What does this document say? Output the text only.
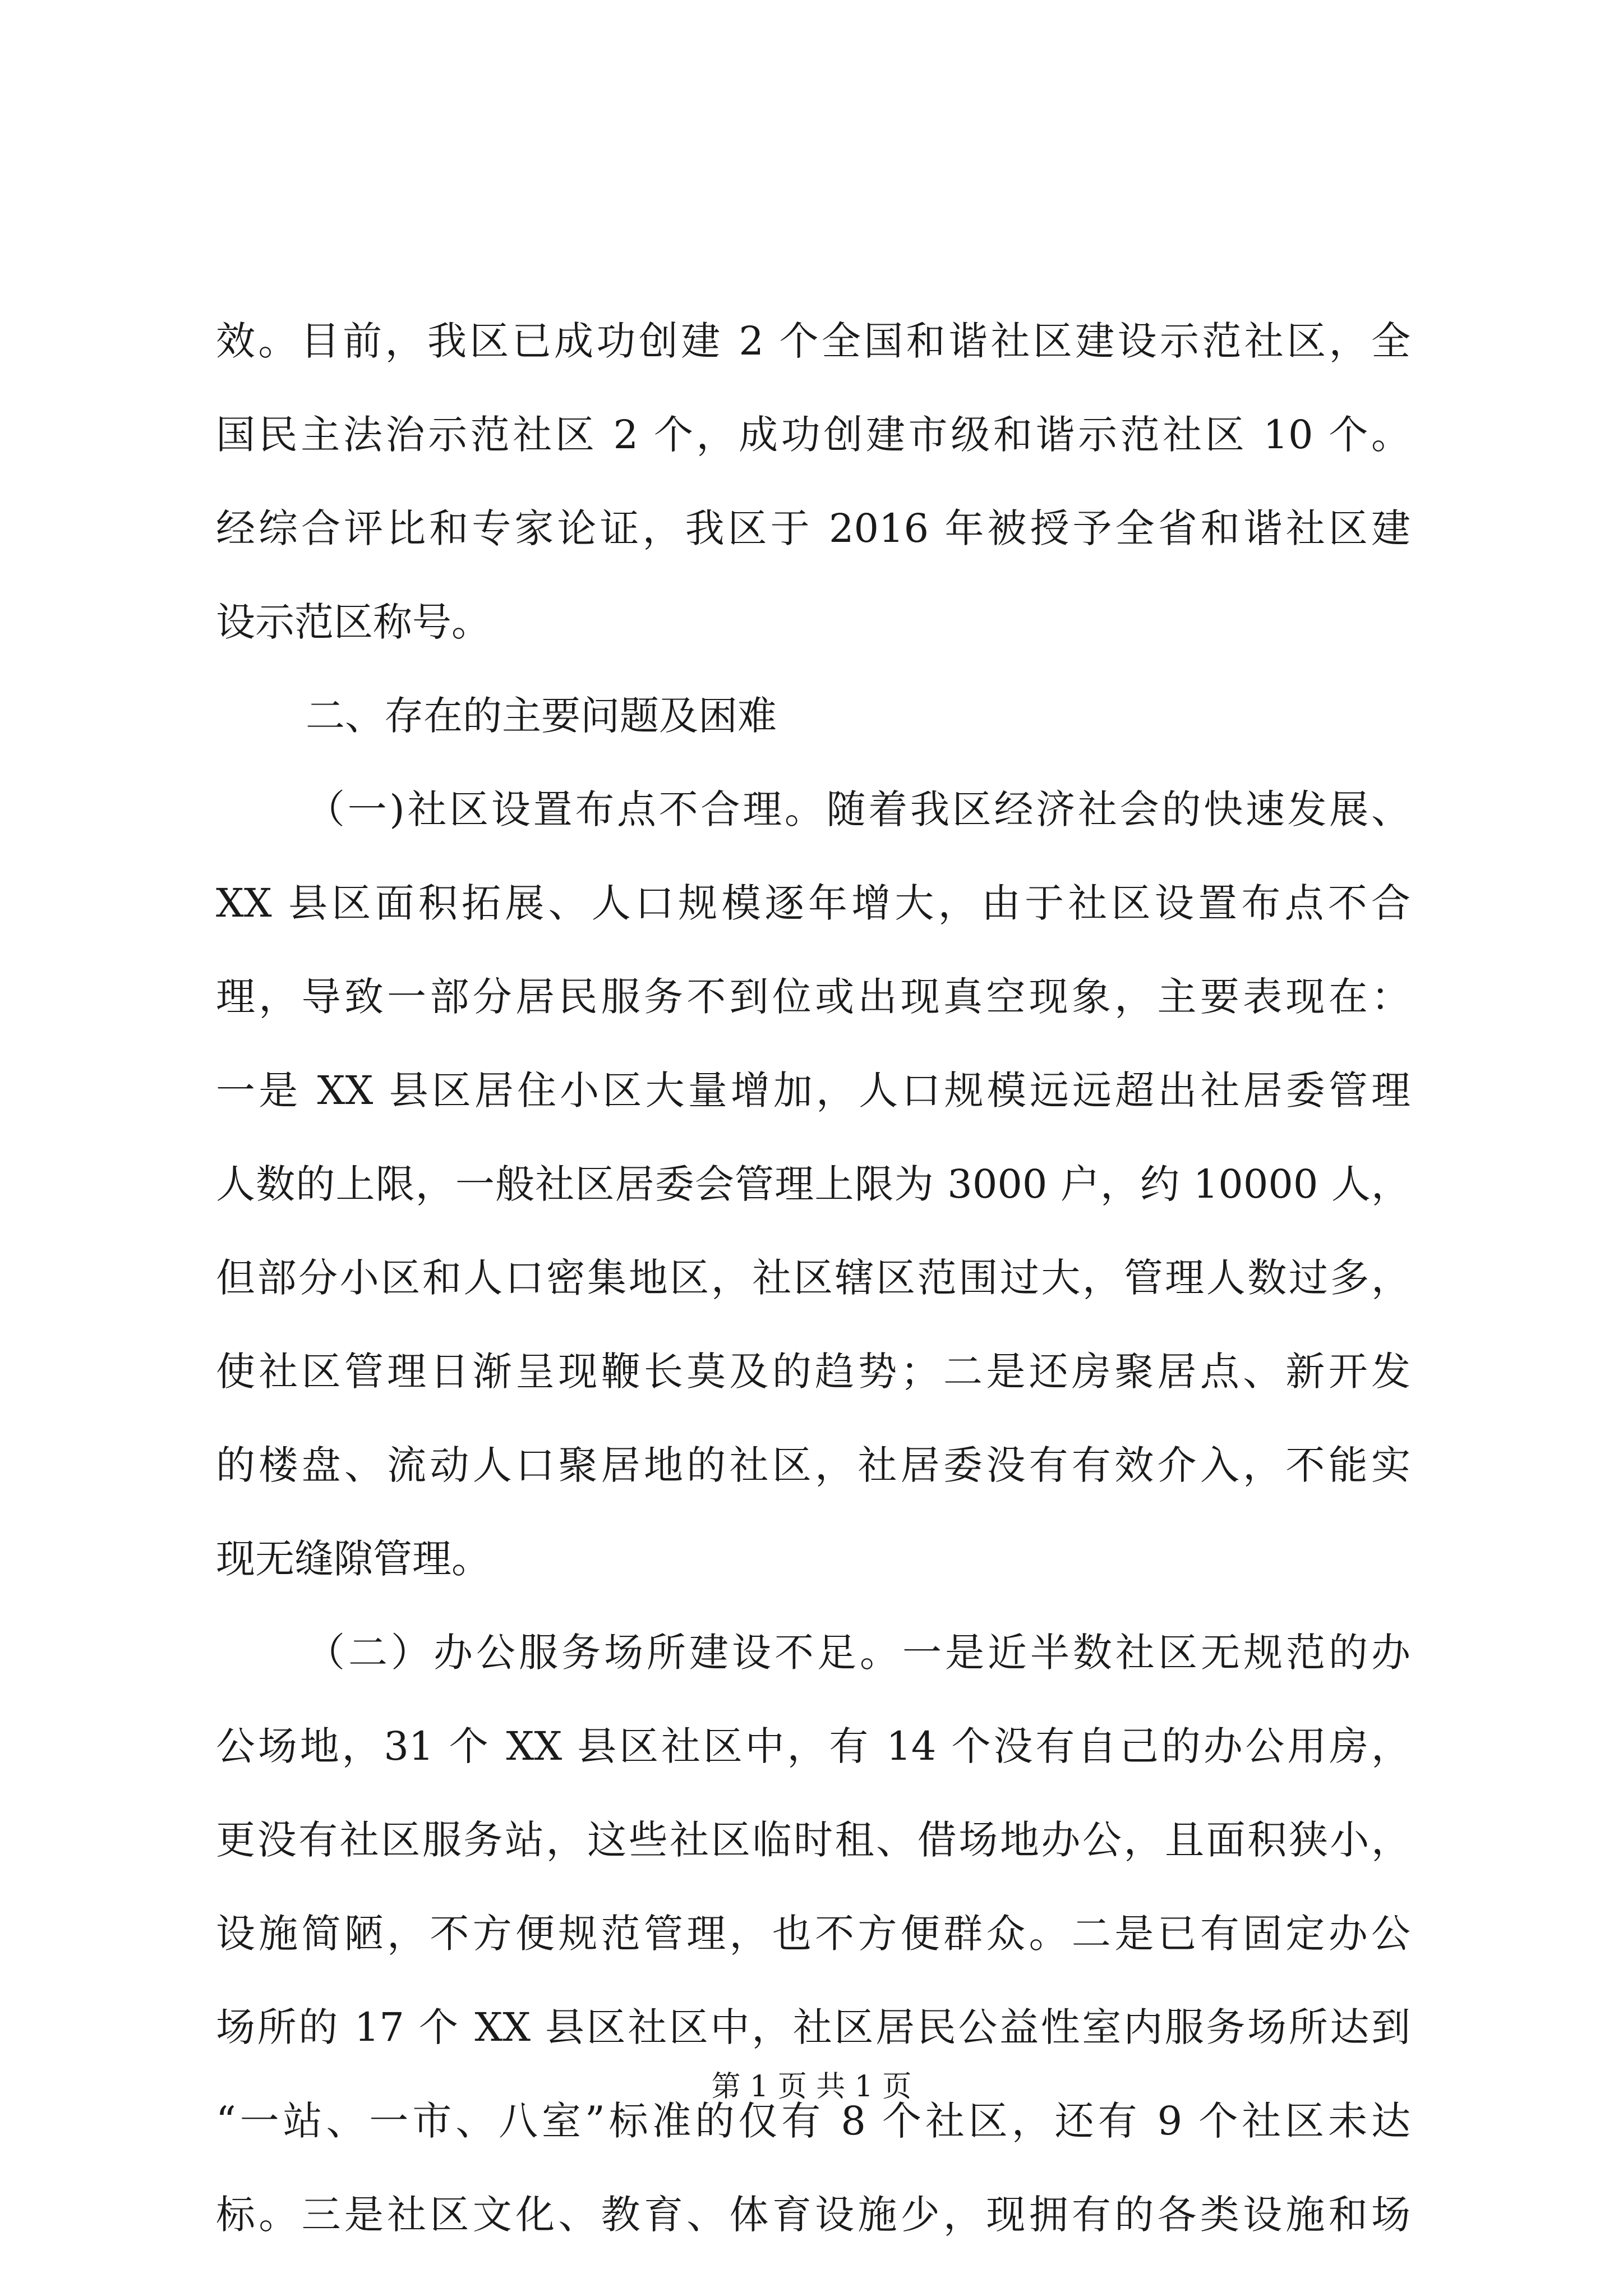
效。目前，我区已成功创建 2 个全国和谐社区建设示范社区，全
国民主法治示范社区 2 个，成功创建市级和谐示范社区 10 个。
经综合评比和专家论证，我区于 2016 年被授予全省和谐社区建
设示范区称号。
二、存在的主要问题及困难
（一)社区设置布点不合理。随着我区经济社会的快速发展、
XX 县区面积拓展、人口规模逐年增大，由于社区设置布点不合
理，导致一部分居民服务不到位或出现真空现象，主要表现在：
一是 XX 县区居住小区大量增加，人口规模远远超出社居委管理
人数的上限，一般社区居委会管理上限为 3000 户，约 10000 人，
但部分小区和人口密集地区，社区辖区范围过大，管理人数过多，
使社区管理日渐呈现鞭长莫及的趋势；二是还房聚居点、新开发
的楼盘、流动人口聚居地的社区，社居委没有有效介入，不能实
现无缝隙管理。
（二）办公服务场所建设不足。一是近半数社区无规范的办
公场地，31 个 XX 县区社区中，有 14 个没有自己的办公用房，
更没有社区服务站，这些社区临时租、借场地办公，且面积狭小，
设施简陋，不方便规范管理，也不方便群众。二是已有固定办公
场所的 17 个 XX 县区社区中，社区居民公益性室内服务场所达到
“一站、一市、八室”标准的仅有 8 个社区，还有 9 个社区未达
标。三是社区文化、教育、体育设施少，现拥有的各类设施和场
第 1 页 共 1 页
